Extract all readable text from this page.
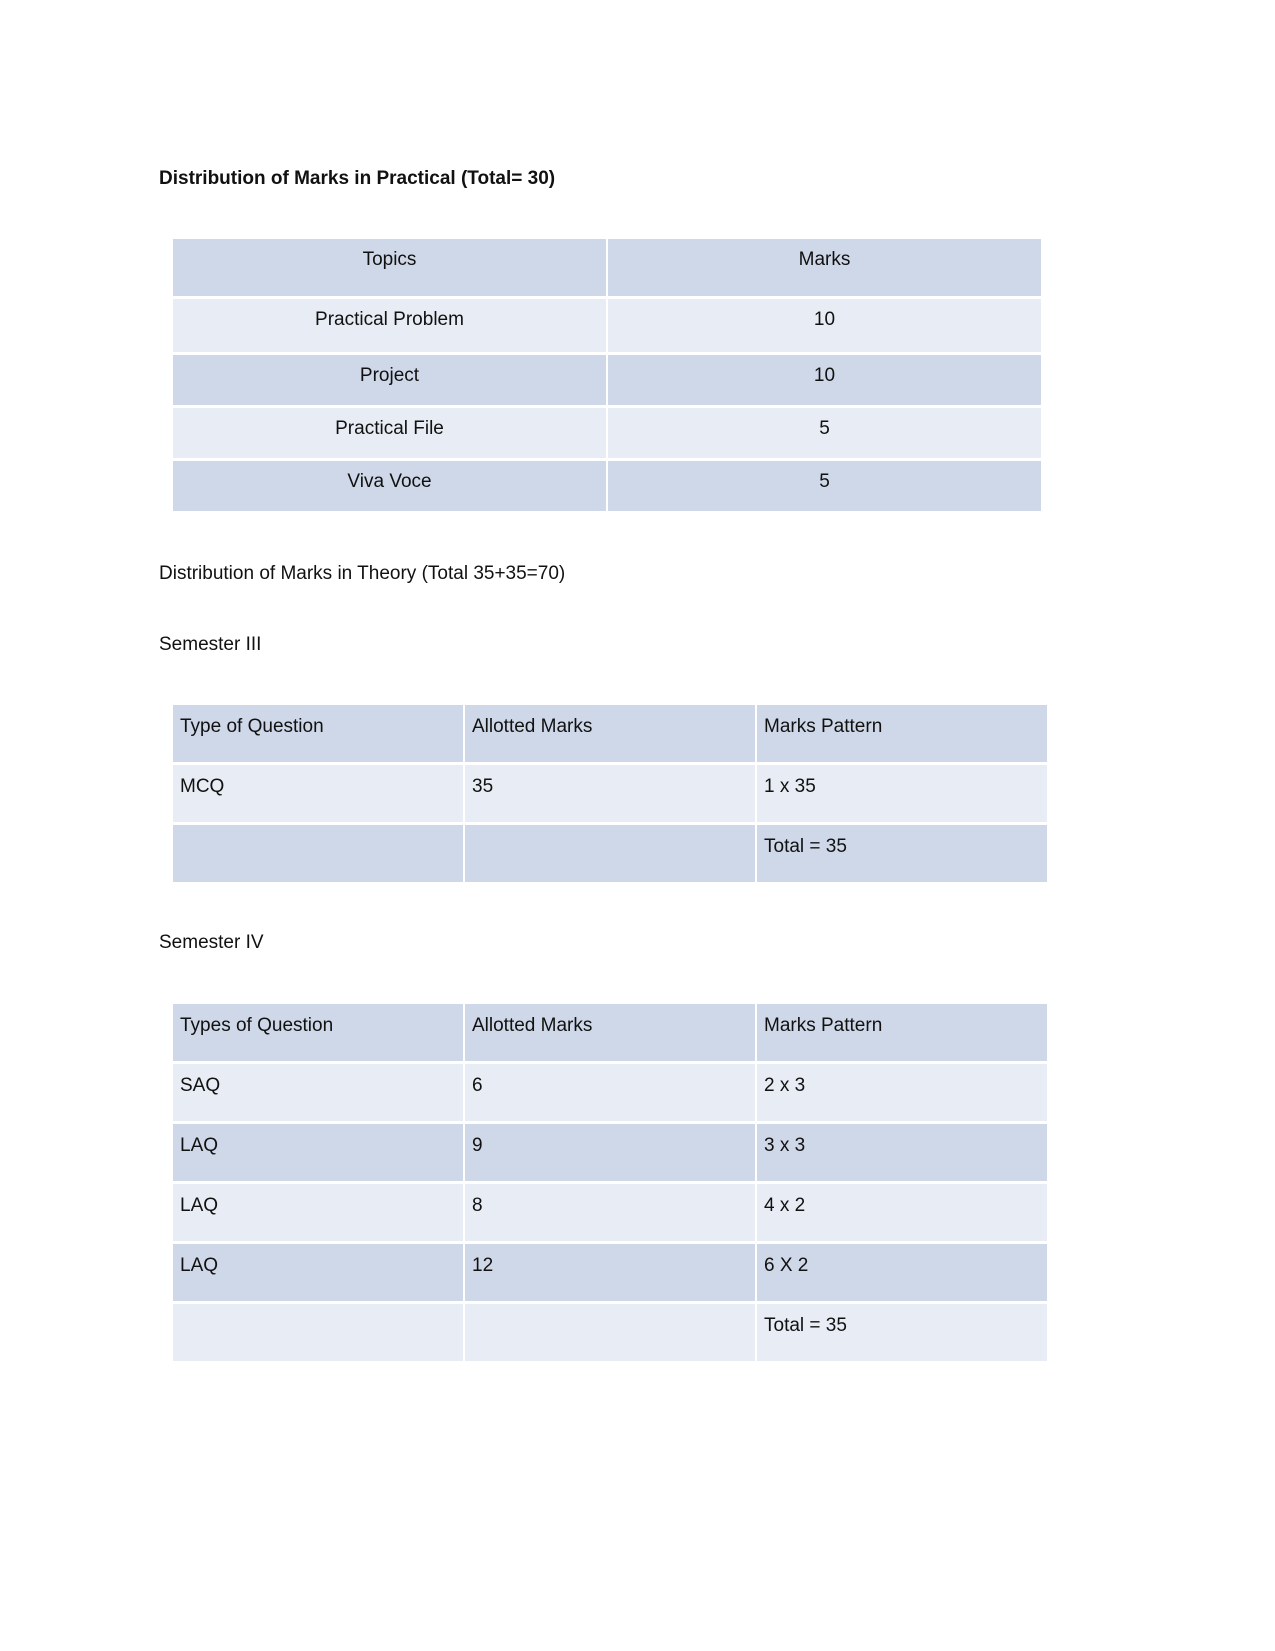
Distribution of Marks in Practical (Total= 30)
Topics	Marks

Practical Problem	10

Project	10

Practical File	5

Viva Voce	5
Distribution of Marks in Theory (Total 35+35=70)
Semester III
Type of Question	Allotted Marks	Marks Pattern

MCQ	35	1 x 35

		Total = 35
Semester IV
Types of Question	Allotted Marks	Marks Pattern

SAQ	6	2 x 3

LAQ	9	3 x 3

LAQ	8	4 x 2

LAQ	12	6 X 2

		Total = 35
